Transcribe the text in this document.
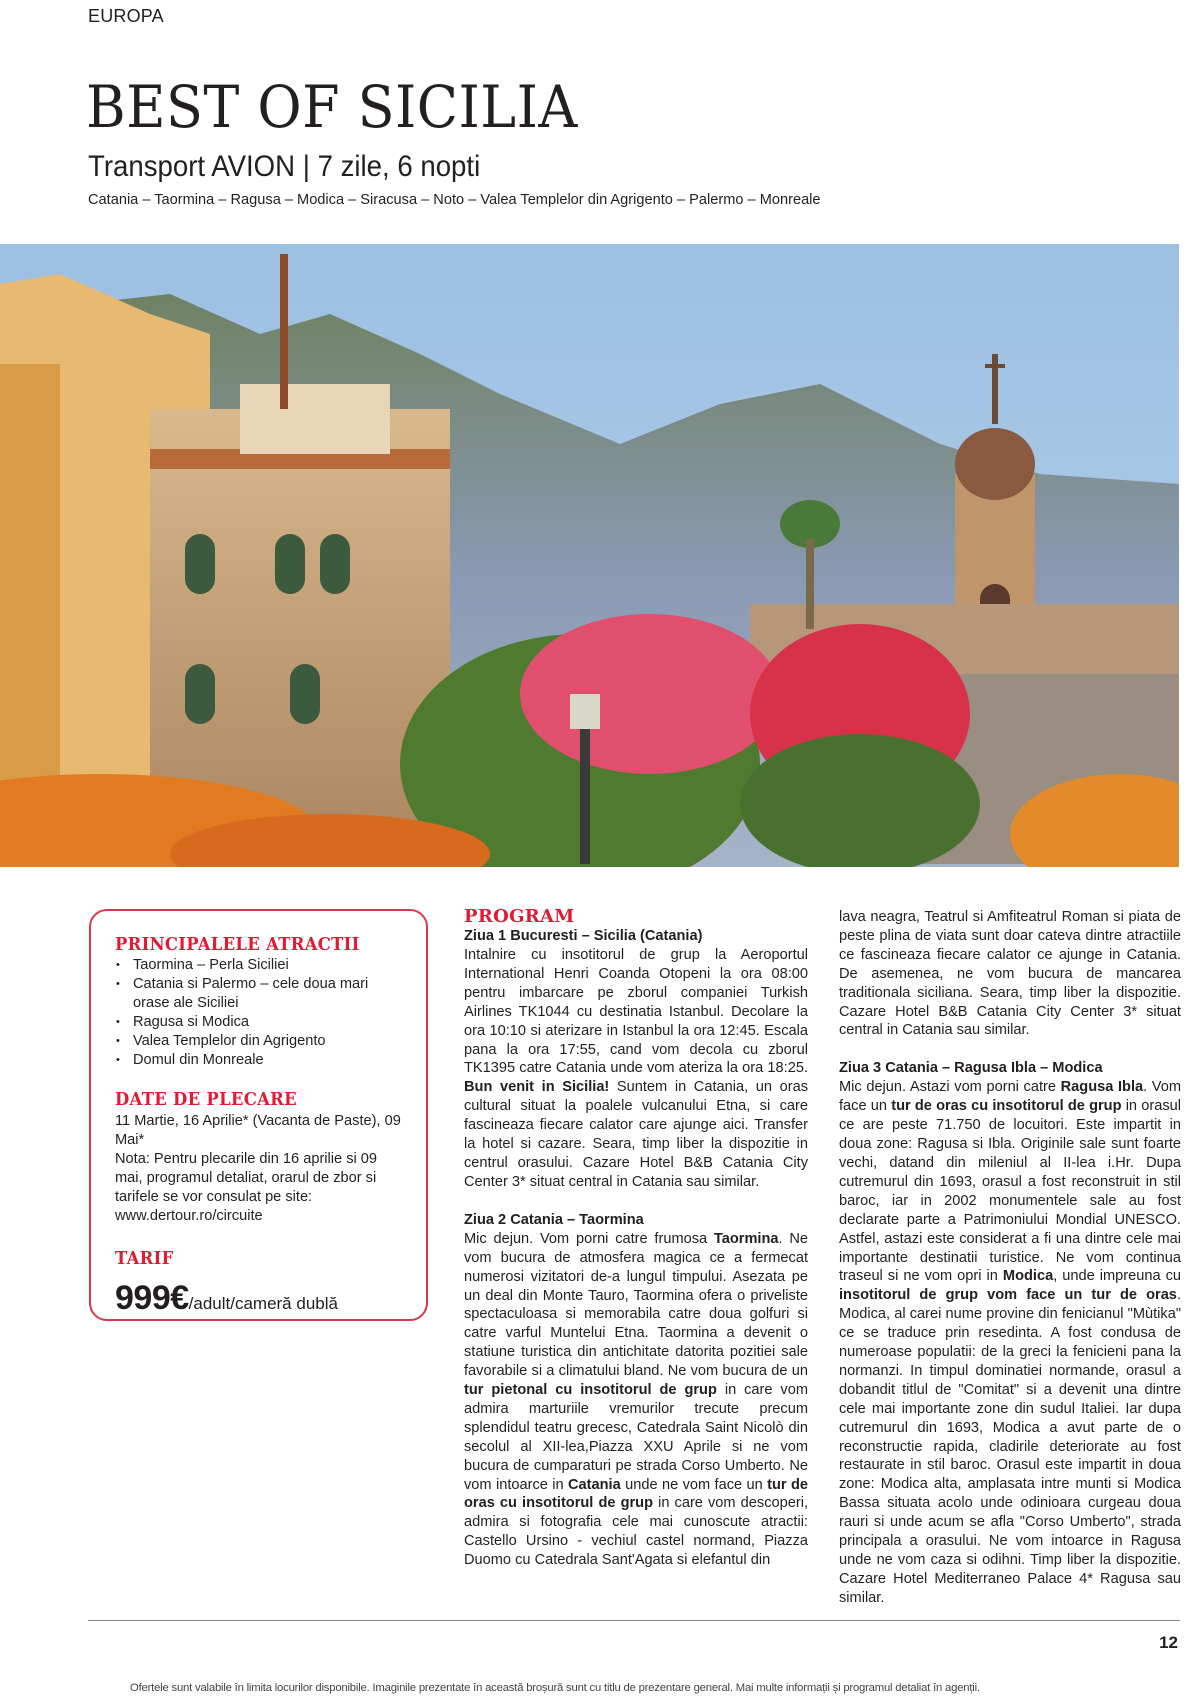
EUROPA
BEST OF SICILIA
Transport AVION | 7 zile, 6 nopti
Catania – Taormina – Ragusa – Modica – Siracusa – Noto – Valea Templelor din Agrigento – Palermo – Monreale
PRINCIPALELE ATRACTII
• Taormina – Perla Siciliei
• Catania si Palermo – cele doua mari orase ale Siciliei
• Ragusa si Modica
• Valea Templelor din Agrigento
• Domul din Monreale
DATE DE PLECARE
11 Martie, 16 Aprilie* (Vacanta de Paste), 09 Mai*
Nota: Pentru plecarile din 16 aprilie si 09 mai, programul detaliat, orarul de zbor si tarifele se vor consulat pe site: www.dertour.ro/circuite
TARIF
999€ /adult/cameră dublă
PROGRAM
Ziua 1 Bucuresti – Sicilia (Catania)

Intalnire cu insotitorul de grup la Aeroportul International Henri Coanda Otopeni la ora 08:00 pentru imbarcare pe zborul companiei Turkish Airlines TK1044 cu destinatia Istanbul. Decolare la ora 10:10 si aterizare in Istanbul la ora 12:45. Escala pana la ora 17:55, cand vom decola cu zborul TK1395 catre Catania unde vom ateriza la ora 18:25. Bun venit in Sicilia! Suntem in Catania, un oras cultural situat la poalele vulcanului Etna, si care fascineaza fiecare calator care ajunge aici. Transfer la hotel si cazare. Seara, timp liber la dispozitie in centrul orasului. Cazare Hotel B&B Catania City Center 3* situat central in Catania sau similar.

Ziua 2 Catania – Taormina

Mic dejun. Vom porni catre frumosa Taormina. Ne vom bucura de atmosfera magica ce a fermecat numerosi vizitatori de-a lungul timpului. Asezata pe un deal din Monte Tauro, Taormina ofera o priveliste spectaculoasa si memorabila catre doua golfuri si catre varful Muntelui Etna. Taormina a devenit o statiune turistica din antichitate datorita pozitiei sale favorabile si a climatului bland. Ne vom bucura de un tur pietonal cu insotitorul de grup in care vom admira marturiile vremurilor trecute precum splendidul teatru grecesc, Catedrala Saint Nicolò din secolul al XII-lea,Piazza XXU Aprile si ne vom bucura de cumparaturi pe strada Corso Umberto. Ne vom intoarce in Catania unde ne vom face un tur de oras cu insotitorul de grup in care vom descoperi, admira si fotografia cele mai cunoscute atractii: Castello Ursino - vechiul castel normand, Piazza Duomo cu Catedrala Sant'Agata si elefantul din

lava neagra, Teatrul si Amfiteatrul Roman si piata de peste plina de viata sunt doar cateva dintre atractiile ce fascineaza fiecare calator ce ajunge in Catania. De asemenea, ne vom bucura de mancarea traditionala siciliana. Seara, timp liber la dispozitie. Cazare Hotel B&B Catania City Center 3* situat central in Catania sau similar.

Ziua 3 Catania – Ragusa Ibla – Modica

Mic dejun. Astazi vom porni catre Ragusa Ibla. Vom face un tur de oras cu insotitorul de grup in orasul ce are peste 71.750 de locuitori. Este impartit in doua zone: Ragusa si Ibla. Originile sale sunt foarte vechi, datand din mileniul al II-lea i.Hr. Dupa cutremurul din 1693, orasul a fost reconstruit in stil baroc, iar in 2002 monumentele sale au fost declarate parte a Patrimoniului Mondial UNESCO. Astfel, astazi este considerat a fi una dintre cele mai importante destinatii turistice. Ne vom continua traseul si ne vom opri in Modica, unde impreuna cu insotitorul de grup vom face un tur de oras. Modica, al carei nume provine din fenicianul "Mùtika" ce se traduce prin resedinta. A fost condusa de numeroase populatii: de la greci la fenicieni pana la normanzi. In timpul dominatiei normande, orasul a dobandit titlul de "Comitat" si a devenit una dintre cele mai importante zone din sudul Italiei. Iar dupa cutremurul din 1693, Modica a avut parte de o reconstructie rapida, cladirile deteriorate au fost restaurate in stil baroc. Orasul este impartit in doua zone: Modica alta, amplasata intre munti si Modica Bassa situata acolo unde odinioara curgeau doua rauri si unde acum se afla "Corso Umberto", strada principala a orasului. Ne vom intoarce in Ragusa unde ne vom caza si odihni. Timp liber la dispozitie. Cazare Hotel Mediterraneo Palace 4* Ragusa sau similar.

12
Ofertele sunt valabile în limita locurilor disponibile. Imaginile prezentate în această broșură sunt cu titlu de prezentare general. Mai multe informații și programul detaliat în agenții.
